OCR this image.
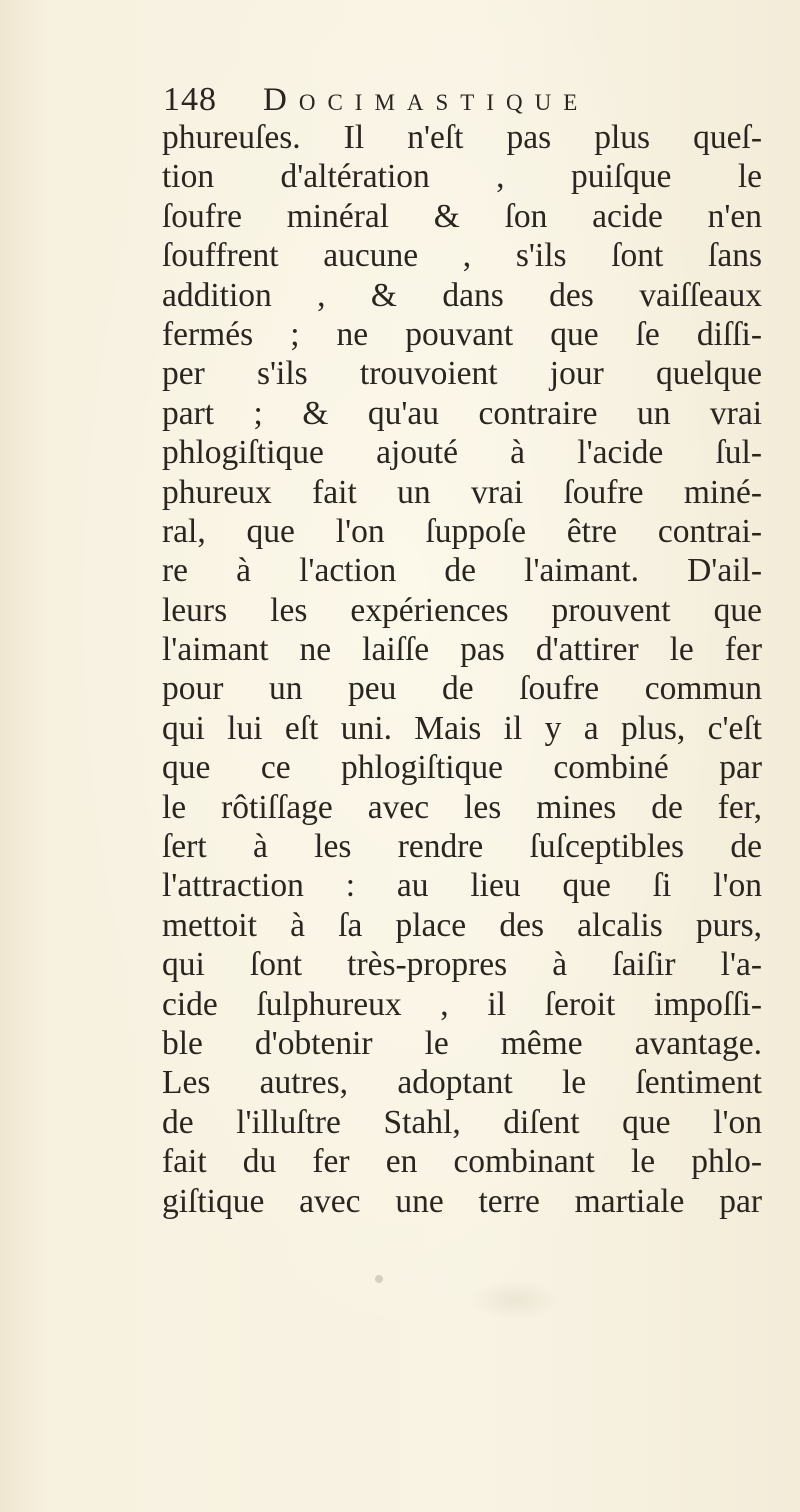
148 Docimastique
phureuſes. Il n'eſt pas plus queſ-
tion d'altération , puiſque le
ſoufre minéral & ſon acide n'en
ſouffrent aucune , s'ils ſont ſans
addition , & dans des vaiſſeaux
fermés ; ne pouvant que ſe diſſi-
per s'ils trouvoient jour quelque
part ; & qu'au contraire un vrai
phlogiſtique ajouté à l'acide ſul-
phureux fait un vrai ſoufre miné-
ral, que l'on ſuppoſe être contrai-
re à l'action de l'aimant. D'ail-
leurs les expériences prouvent que
l'aimant ne laiſſe pas d'attirer le fer
pour un peu de ſoufre commun
qui lui eſt uni. Mais il y a plus, c'eſt
que ce phlogiſtique combiné par
le rôtiſſage avec les mines de fer,
ſert à les rendre ſuſceptibles de
l'attraction : au lieu que ſi l'on
mettoit à ſa place des alcalis purs,
qui ſont très-propres à ſaiſir l'a-
cide ſulphureux , il ſeroit impoſſi-
ble d'obtenir le même avantage.
Les autres, adoptant le ſentiment
de l'illuſtre Stahl, diſent que l'on
fait du fer en combinant le phlo-
giſtique avec une terre martiale par
